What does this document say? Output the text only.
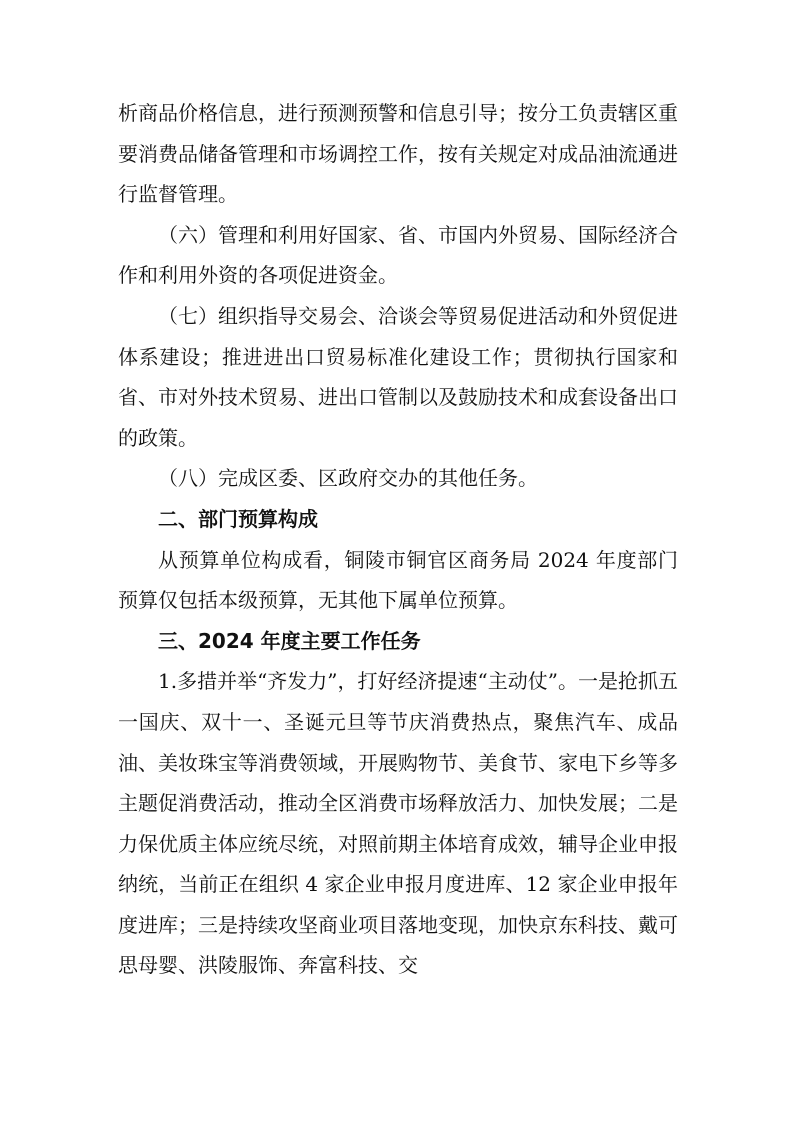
析商品价格信息，进行预测预警和信息引导；按分工负责辖区重要消费品储备管理和市场调控工作，按有关规定对成品油流通进行监督管理。

（六）管理和利用好国家、省、市国内外贸易、国际经济合作和利用外资的各项促进资金。

（七）组织指导交易会、洽谈会等贸易促进活动和外贸促进体系建设；推进进出口贸易标准化建设工作；贯彻执行国家和省、市对外技术贸易、进出口管制以及鼓励技术和成套设备出口的政策。

（八）完成区委、区政府交办的其他任务。

二、部门预算构成

从预算单位构成看，铜陵市铜官区商务局 2024 年度部门预算仅包括本级预算，无其他下属单位预算。

三、2024 年度主要工作任务

1.多措并举“齐发力”，打好经济提速“主动仗”。一是抢抓五一国庆、双十一、圣诞元旦等节庆消费热点，聚焦汽车、成品油、美妆珠宝等消费领域，开展购物节、美食节、家电下乡等多主题促消费活动，推动全区消费市场释放活力、加快发展；二是力保优质主体应统尽统，对照前期主体培育成效，辅导企业申报纳统，当前正在组织 4 家企业申报月度进库、12 家企业申报年度进库；三是持续攻坚商业项目落地变现，加快京东科技、戴可思母婴、洪陵服饰、奔富科技、交
